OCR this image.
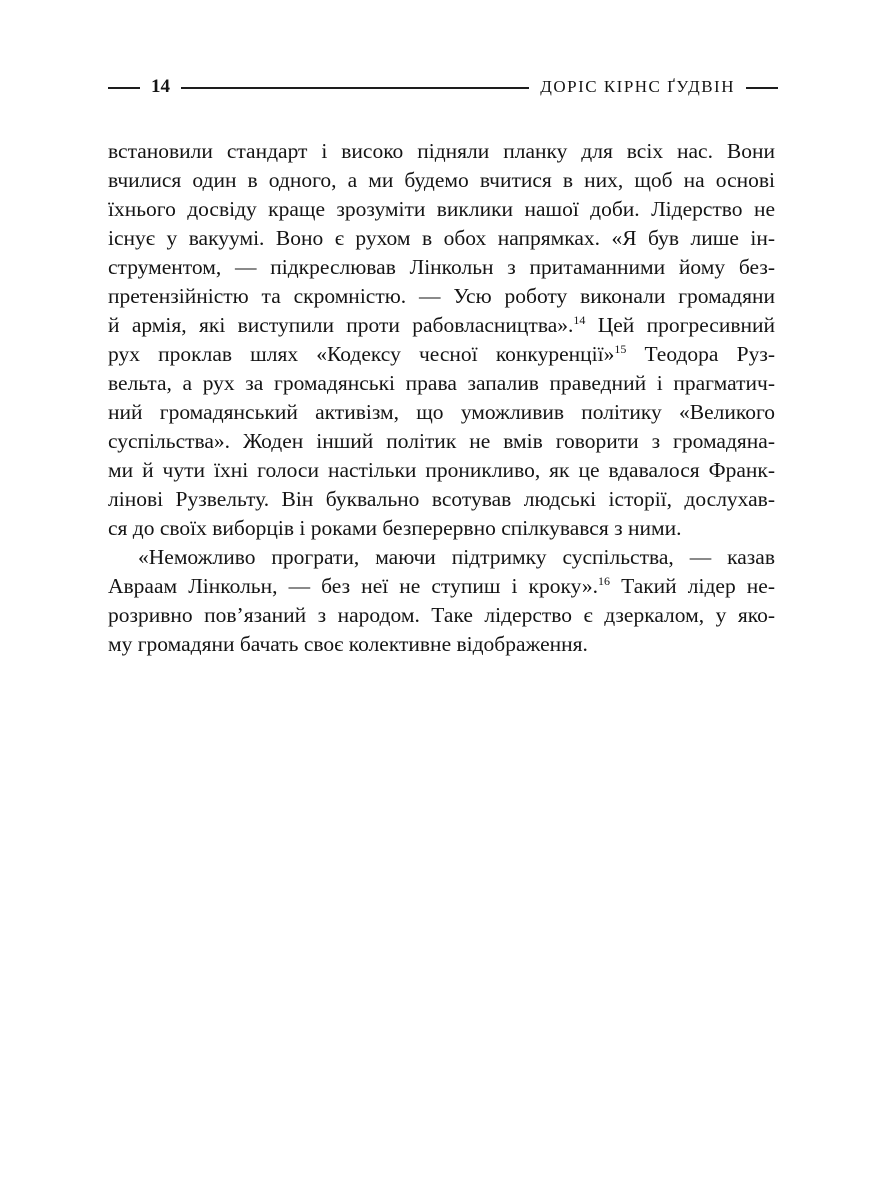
14	ДОРІС КІРНС ҐУДВІН
встановили стандарт і високо підняли планку для всіх нас. Вони
вчилися один в одного, а ми будемо вчитися в них, щоб на основі
їхнього досвіду краще зрозуміти виклики нашої доби. Лідерство не
існує у вакуумі. Воно є рухом в обох напрямках. «Я був лише ін-
струментом, — підкреслював Лінкольн з притаманними йому без-
претензійністю та скромністю. — Усю роботу виконали громадяни
й армія, які виступили проти рабовласництва».$^{14}$ Цей прогресивний
рух проклав шлях «Кодексу чесної конкуренції»$^{15}$ Теодора Руз-
вельта, а рух за громадянські права запалив праведний і прагматич-
ний громадянський активізм, що уможливив політику «Великого
суспільства». Жоден інший політик не вмів говорити з громадяна-
ми й чути їхні голоси настільки проникливо, як це вдавалося Франк-
лінові Рузвельту. Він буквально всотував людські історії, дослухав-
ся до своїх виборців і роками безперервно спілкувався з ними.
«Неможливо програти, маючи підтримку суспільства, — казав
Авраам Лінкольн, — без неї не ступиш і кроку».$^{16}$ Такий лідер не-
розривно пов’язаний з народом. Таке лідерство є дзеркалом, у яко-
му громадяни бачать своє колективне відображення.
